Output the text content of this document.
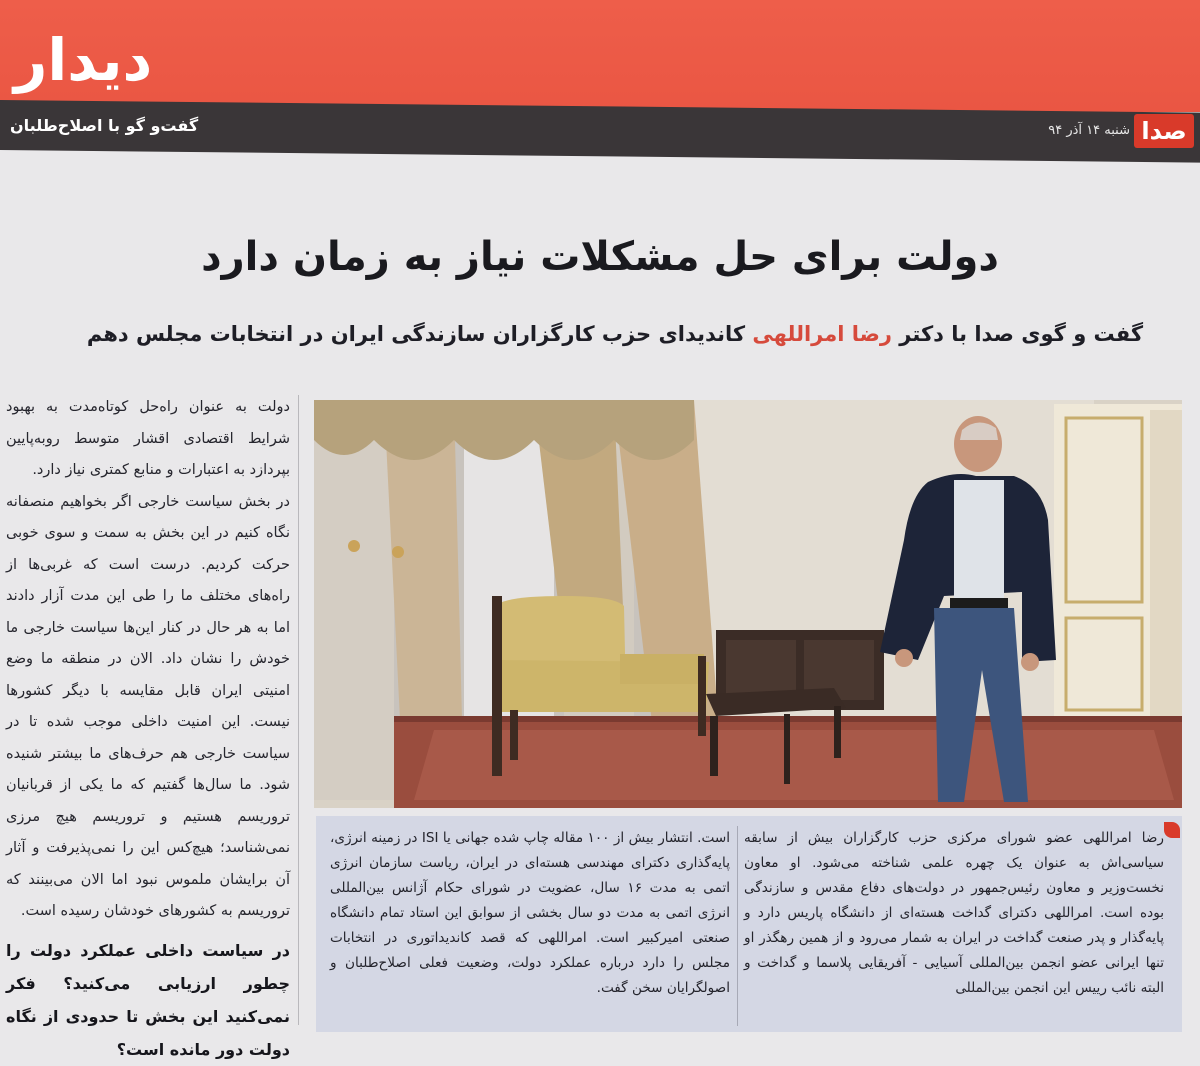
دیدار
گفت‌و گو با اصلاح‌طلبان	شنبه ۱۴ آذر ۹۴ صدا
دولت برای حل مشکلات نیاز به زمان دارد
گفت و گوی صدا با دکتر رضا امراللهی کاندیدای حزب کارگزاران سازندگی ایران در انتخابات مجلس دهم

دولت به عنوان راه‌حل کوتاه‌مدت به بهبود شرایط اقتصادی اقشار متوسط روبه‌پایین بپردازد به اعتبارات و منابع کمتری نیاز دارد.

در بخش سیاست خارجی اگر بخواهیم منصفانه نگاه کنیم در این بخش به سمت و سوی خوبی حرکت کردیم. درست است که غربی‌ها از راه‌های مختلف ما را طی این مدت آزار دادند اما به هر حال در کنار این‌ها سیاست خارجی ما خودش را نشان داد. الان در منطقه ما وضع امنیتی ایران قابل مقایسه با دیگر کشورها نیست. این امنیت داخلی موجب شده تا در سیاست خارجی هم حرف‌های ما بیشتر شنیده شود. ما سال‌ها گفتیم که ما یکی از قربانیان تروریسم هستیم و تروریسم هیچ مرزی نمی‌شناسد؛ هیچ‌کس این را نمی‌پذیرفت و آثار آن برایشان ملموس نبود اما الان می‌بینند که تروریسم به کشورهای خودشان رسیده است.

در سیاست داخلی عملکرد دولت را چطور ارزیابی می‌کنید؟ فکر نمی‌کنید این بخش تا حدودی از نگاه دولت دور مانده است؟

رضا امراللهی عضو شورای مرکزی حزب کارگزاران بیش از سابقه سیاسی‌اش به عنوان یک چهره علمی شناخته می‌شود. او معاون نخست‌وزیر و معاون رئیس‌جمهور در دولت‌های دفاع مقدس و سازندگی بوده است. امراللهی دکترای گداخت هسته‌ای از دانشگاه پاریس دارد و پایه‌گذار و پدر صنعت گداخت در ایران به شمار می‌رود و از همین رهگذر او تنها ایرانی عضو انجمن بین‌المللی آسیایی - آفریقایی پلاسما و گداخت و البته نائب رییس این انجمن بین‌المللی
است. انتشار بیش از ۱۰۰ مقاله چاپ شده جهانی یا ISI در زمینه انرژی، پایه‌گذاری دکترای مهندسی هسته‌ای در ایران، ریاست سازمان انرژی اتمی به مدت ۱۶ سال، عضویت در شورای حکام آژانس بین‌المللی انرژی اتمی به مدت دو سال بخشی از سوابق این استاد تمام دانشگاه صنعتی امیرکبیر است. امراللهی که قصد کاندیداتوری در انتخابات مجلس را دارد درباره عملکرد دولت، وضعیت فعلی اصلاح‌طلبان و اصولگرایان سخن گفت.
